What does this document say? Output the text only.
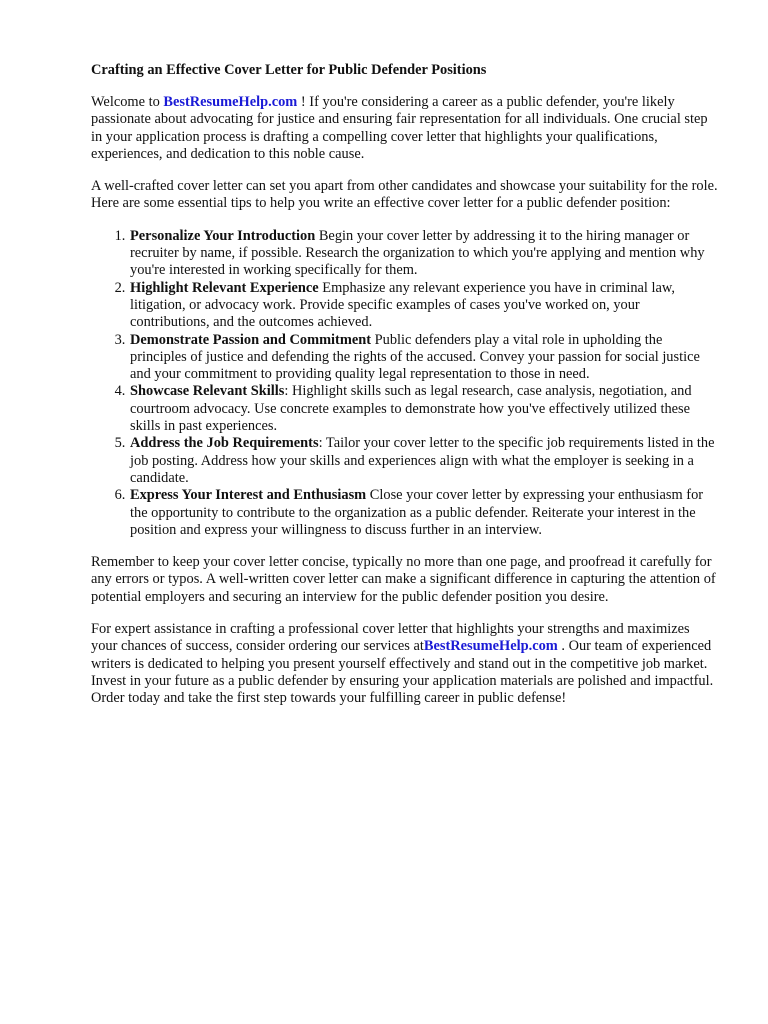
Crafting an Effective Cover Letter for Public Defender Positions

Welcome to BestResumeHelp.com ! If you're considering a career as a public defender, you're likely passionate about advocating for justice and ensuring fair representation for all individuals. One crucial step in your application process is drafting a compelling cover letter that highlights your qualifications, experiences, and dedication to this noble cause.

A well-crafted cover letter can set you apart from other candidates and showcase your suitability for the role. Here are some essential tips to help you write an effective cover letter for a public defender position:

1. Personalize Your Introduction Begin your cover letter by addressing it to the hiring manager or recruiter by name, if possible. Research the organization to which you're applying and mention why you're interested in working specifically for them.
2. Highlight Relevant Experience Emphasize any relevant experience you have in criminal law, litigation, or advocacy work. Provide specific examples of cases you've worked on, your contributions, and the outcomes achieved.
3. Demonstrate Passion and Commitment Public defenders play a vital role in upholding the principles of justice and defending the rights of the accused. Convey your passion for social justice and your commitment to providing quality legal representation to those in need.
4. Showcase Relevant Skills: Highlight skills such as legal research, case analysis, negotiation, and courtroom advocacy. Use concrete examples to demonstrate how you've effectively utilized these skills in past experiences.
5. Address the Job Requirements: Tailor your cover letter to the specific job requirements listed in the job posting. Address how your skills and experiences align with what the employer is seeking in a candidate.
6. Express Your Interest and Enthusiasm Close your cover letter by expressing your enthusiasm for the opportunity to contribute to the organization as a public defender. Reiterate your interest in the position and express your willingness to discuss further in an interview.

Remember to keep your cover letter concise, typically no more than one page, and proofread it carefully for any errors or typos. A well-written cover letter can make a significant difference in capturing the attention of potential employers and securing an interview for the public defender position you desire.

For expert assistance in crafting a professional cover letter that highlights your strengths and maximizes your chances of success, consider ordering our services atBestResumeHelp.com . Our team of experienced writers is dedicated to helping you present yourself effectively and stand out in the competitive job market. Invest in your future as a public defender by ensuring your application materials are polished and impactful. Order today and take the first step towards your fulfilling career in public defense!
